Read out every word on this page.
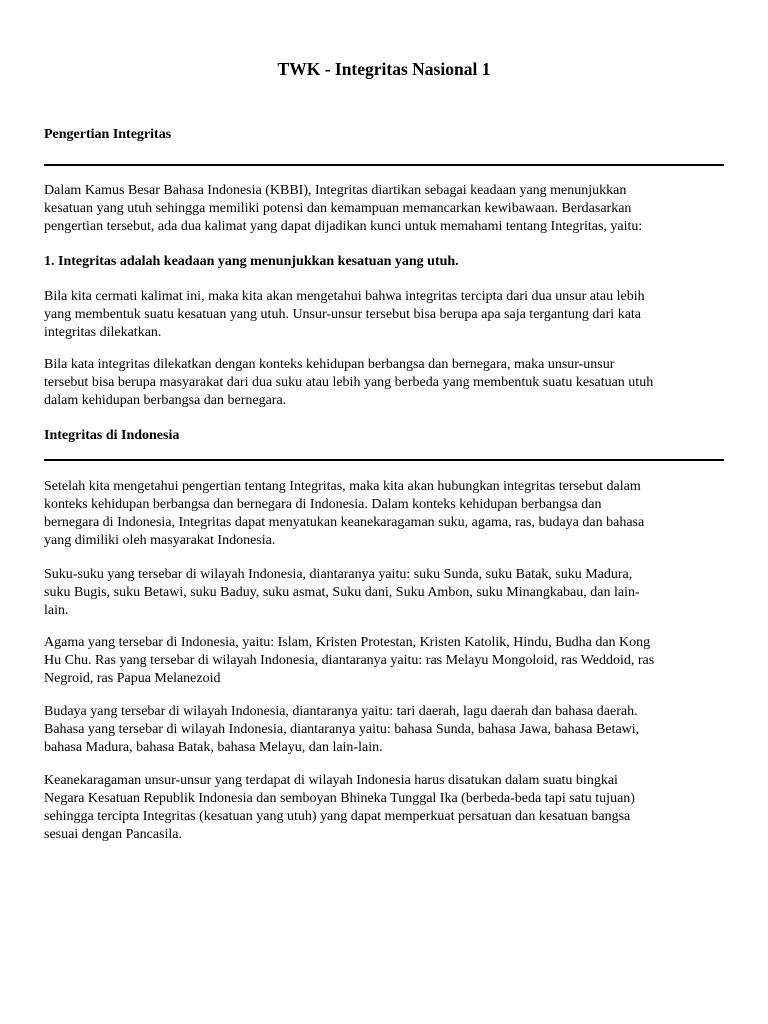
TWK - Integritas Nasional 1
Pengertian Integritas

Dalam Kamus Besar Bahasa Indonesia (KBBI), Integritas diartikan sebagai keadaan yang menunjukkan
kesatuan yang utuh sehingga memiliki potensi dan kemampuan memancarkan kewibawaan. Berdasarkan
pengertian tersebut, ada dua kalimat yang dapat dijadikan kunci untuk memahami tentang Integritas, yaitu:

1. Integritas adalah keadaan yang menunjukkan kesatuan yang utuh.

Bila kita cermati kalimat ini, maka kita akan mengetahui bahwa integritas tercipta dari dua unsur atau lebih
yang membentuk suatu kesatuan yang utuh. Unsur-unsur tersebut bisa berupa apa saja tergantung dari kata
integritas dilekatkan.

Bila kata integritas dilekatkan dengan konteks kehidupan berbangsa dan bernegara, maka unsur-unsur
tersebut bisa berupa masyarakat dari dua suku atau lebih yang berbeda yang membentuk suatu kesatuan utuh
dalam kehidupan berbangsa dan bernegara.

Integritas di Indonesia

Setelah kita mengetahui pengertian tentang Integritas, maka kita akan hubungkan integritas tersebut dalam
konteks kehidupan berbangsa dan bernegara di Indonesia. Dalam konteks kehidupan berbangsa dan
bernegara di Indonesia, Integritas dapat menyatukan keanekaragaman suku, agama, ras, budaya dan bahasa
yang dimiliki oleh masyarakat Indonesia.

Suku-suku yang tersebar di wilayah Indonesia, diantaranya yaitu: suku Sunda, suku Batak, suku Madura,
suku Bugis, suku Betawi, suku Baduy, suku asmat, Suku dani, Suku Ambon, suku Minangkabau, dan lain-
lain.

Agama yang tersebar di Indonesia, yaitu: Islam, Kristen Protestan, Kristen Katolik, Hindu, Budha dan Kong
Hu Chu. Ras yang tersebar di wilayah Indonesia, diantaranya yaitu: ras Melayu Mongoloid, ras Weddoid, ras
Negroid, ras Papua Melanezoid

Budaya yang tersebar di wilayah Indonesia, diantaranya yaitu: tari daerah, lagu daerah dan bahasa daerah.
Bahasa yang tersebar di wilayah Indonesia, diantaranya yaitu: bahasa Sunda, bahasa Jawa, bahasa Betawi,
bahasa Madura, bahasa Batak, bahasa Melayu, dan lain-lain.

Keanekaragaman unsur-unsur yang terdapat di wilayah Indonesia harus disatukan dalam suatu bingkai
Negara Kesatuan Republik Indonesia dan semboyan Bhineka Tunggal Ika (berbeda-beda tapi satu tujuan)
sehingga tercipta Integritas (kesatuan yang utuh) yang dapat memperkuat persatuan dan kesatuan bangsa
sesuai dengan Pancasila.
